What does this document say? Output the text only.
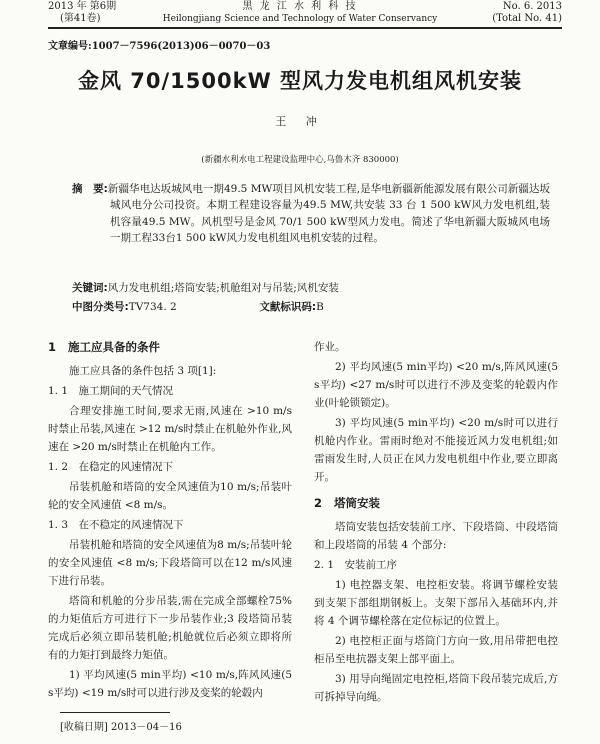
2013 年 第6期
(第41卷)
黑 龙 江 水 利 科 技
Heilongjiang Science and Technology of Water Conservancy
No. 6. 2013
(Total No. 41)
文章编号:1007－7596(2013)06－0070－03
金风 70/1500kW 型风力发电机组风机安装
王 冲
(新疆水利水电工程建设监理中心,乌鲁木齐 830000)
摘　要:新疆华电达坂城风电一期49.5 MW项目风机安装工程,是华电新疆新能源发展有限公司新疆达坂城风电分公司投资。本期工程建设容量为49.5 MW,共安装 33 台 1 500 kW风力发电机组,装机容量49.5 MW。风机型号是金风 70/1 500 kW型风力发电。简述了华电新疆大阪城风电场一期工程33台1 500 kW风力发电机组风电机安装的过程。
关键词:风力发电机组;塔筒安装;机舱组对与吊装;风机安装
中图分类号:TV734. 2	文献标识码:B
1 施工应具备的条件

施工应具备的条件包括 3 项[1]:

1. 1　施工期间的天气情况

合理安排施工时间,要求无雨,风速在 >10 m/s 时禁止吊装,风速在 >12 m/s时禁止在机舱外作业,风速在 >20 m/s时禁止在机舱内工作。

1. 2　在稳定的风速情况下

吊装机舱和塔筒的安全风速值为10 m/s;吊装叶轮的安全风速值 <8 m/s。

1. 3　在不稳定的风速情况下

吊装机舱和塔筒的安全风速值为8 m/s;吊装叶轮的安全风速值 <8 m/s;下段塔筒可以在12 m/s风速下进行吊装。

塔筒和机舱的分步吊装,需在完成全部螺栓75%的力矩值后方可进行下一步吊装作业;3 段塔筒吊装完成后必须立即吊装机舱;机舱就位后必须立即将所有的力矩打到最终力矩值。

1) 平均风速(5 min平均) <10 m/s,阵风风速(5 s平均) <19 m/s时可以进行涉及变桨的轮毂内

作业。

2) 平均风速(5 min平均) <20 m/s,阵风风速(5 s平均) <27 m/s时可以进行不涉及变桨的轮毂内作业(叶轮锁锁定)。

3) 平均风速(5 min平均) <20 m/s时可以进行机舱内作业。雷雨时绝对不能接近风力发电机组;如雷雨发生时,人员正在风力发电机组中作业,要立即离开。

2 塔筒安装

塔筒安装包括安装前工序、下段塔筒、中段塔筒和上段塔筒的吊装 4 个部分:

2. 1　安装前工序

1) 电控器支架、电控柜安装。将调节螺栓安装到支架下部组期钢板上。支架下部吊入基础环内,并将 4 个调节螺栓落在定位标记的位置上。

2) 电控柜正面与塔筒门方向一致,用吊带把电控柜吊至电抗器支架上部平面上。

3) 用导向绳固定电控柜,塔筒下段吊装完成后,方可拆掉导向绳。

[收稿日期] 2013－04－16
